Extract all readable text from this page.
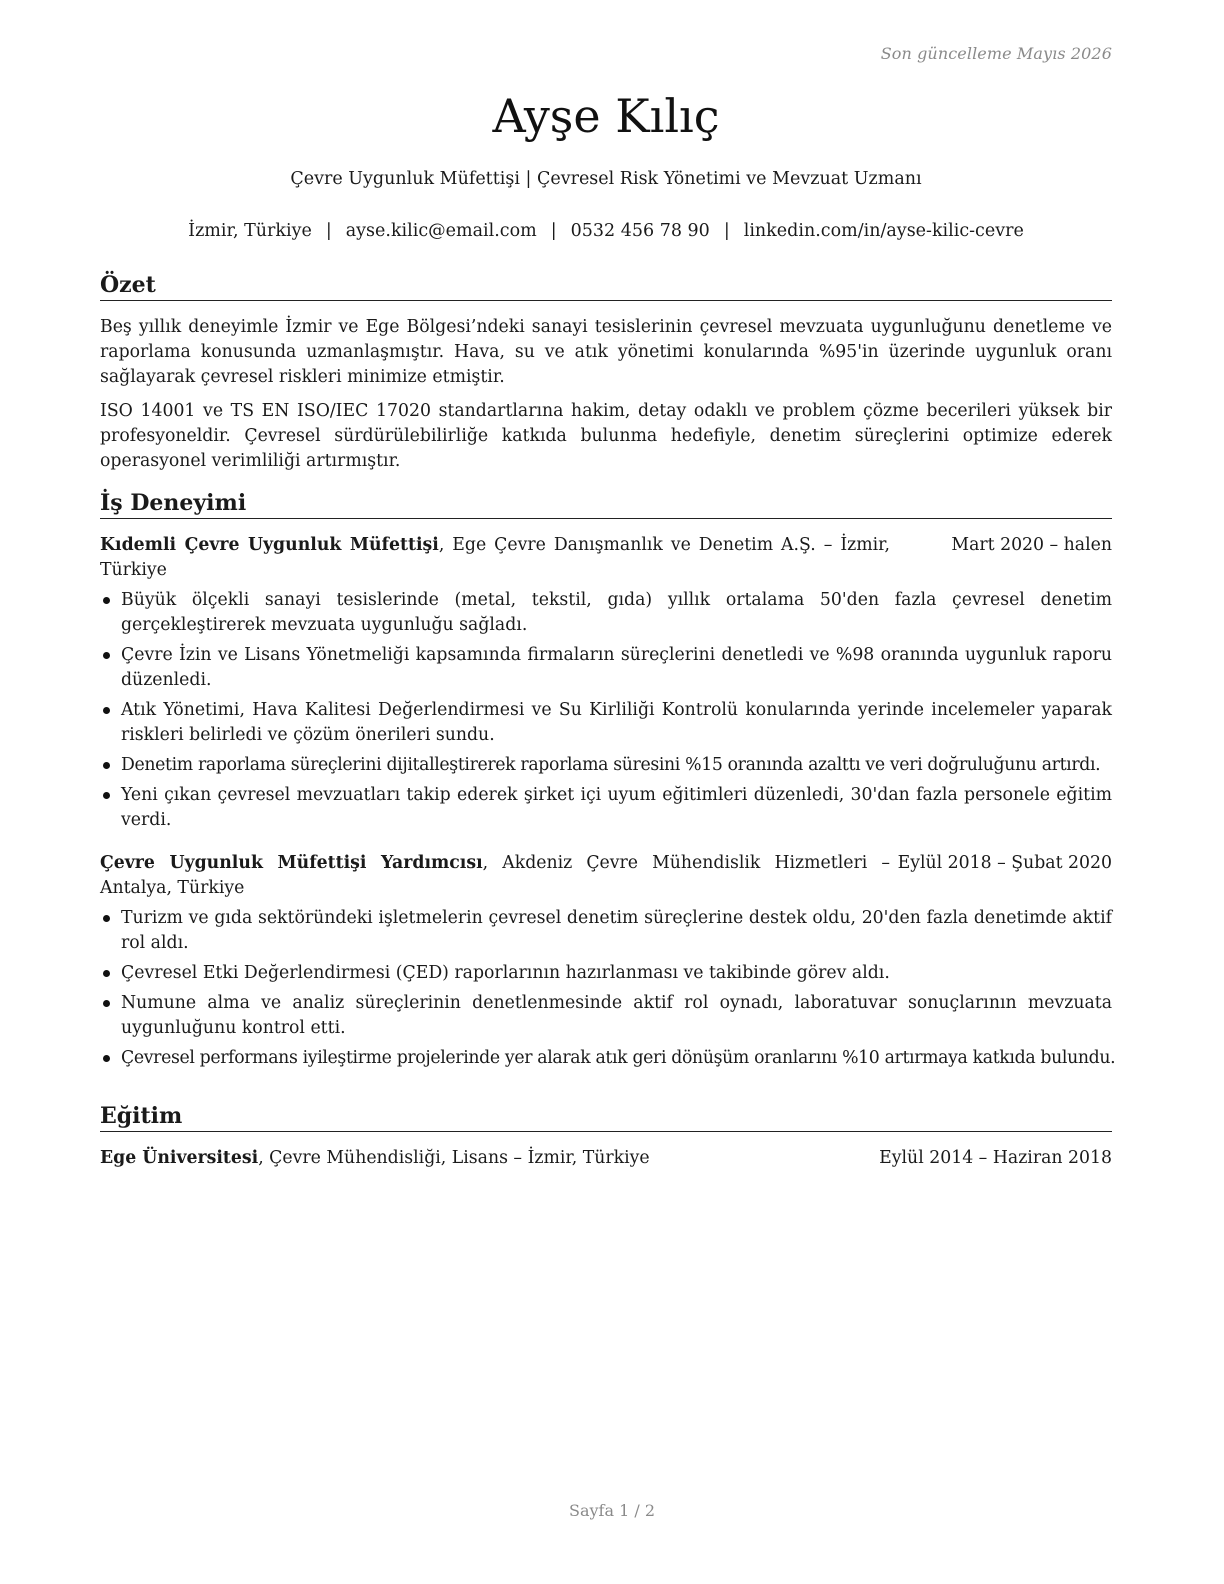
Son güncelleme Mayıs 2026
Ayşe Kılıç
Çevre Uygunluk Müfettişi | Çevresel Risk Yönetimi ve Mevzuat Uzmanı
İzmir, Türkiye | ayse.kilic@email.com | 0532 456 78 90 | linkedin.com/in/ayse-kilic-cevre
Özet

Beş yıllık deneyimle İzmir ve Ege Bölgesi’ndeki sanayi tesislerinin çevresel mevzuata uygunluğunu denetleme ve raporlama konusunda uzmanlaşmıştır. Hava, su ve atık yönetimi konularında %95'in üzerinde uygunluk oranı sağlayarak çevresel riskleri minimize etmiştir.

ISO 14001 ve TS EN ISO/IEC 17020 standartlarına hakim, detay odaklı ve problem çözme becerileri yüksek bir profesyoneldir. Çevresel sürdürülebilirliğe katkıda bulunma hedefiyle, denetim süreçlerini optimize ederek operasyonel verimliliği artırmıştır.

İş Deneyimi
Kıdemli Çevre Uygunluk Müfettişi, Ege Çevre Danışmanlık ve Denetim A.Ş. – İzmir, Türkiye
Mart 2020 – halen
Büyük ölçekli sanayi tesislerinde (metal, tekstil, gıda) yıllık ortalama 50'den fazla çevresel denetim gerçekleştirerek mevzuata uygunluğu sağladı.
Çevre İzin ve Lisans Yönetmeliği kapsamında firmaların süreçlerini denetledi ve %98 oranında uygunluk raporu düzenledi.
Atık Yönetimi, Hava Kalitesi Değerlendirmesi ve Su Kirliliği Kontrolü konularında yerinde incelemeler yaparak riskleri belirledi ve çözüm önerileri sundu.
Denetim raporlama süreçlerini dijitalleştirerek raporlama süresini %15 oranında azalttı ve veri doğruluğunu artırdı.
Yeni çıkan çevresel mevzuatları takip ederek şirket içi uyum eğitimleri düzenledi, 30'dan fazla personele eğitim verdi.
Çevre Uygunluk Müfettişi Yardımcısı, Akdeniz Çevre Mühendislik Hizmetleri – Antalya, Türkiye
Eylül 2018 – Şubat 2020
Turizm ve gıda sektöründeki işletmelerin çevresel denetim süreçlerine destek oldu, 20'den fazla denetimde aktif rol aldı.
Çevresel Etki Değerlendirmesi (ÇED) raporlarının hazırlanması ve takibinde görev aldı.
Numune alma ve analiz süreçlerinin denetlenmesinde aktif rol oynadı, laboratuvar sonuçlarının mevzuata uygunluğunu kontrol etti.
Çevresel performans iyileştirme projelerinde yer alarak atık geri dönüşüm oranlarını %10 artırmaya katkıda bulundu.
Eğitim
Ege Üniversitesi, Çevre Mühendisliği, Lisans – İzmir, Türkiye	Eylül 2014 – Haziran 2018
Sayfa 1 / 2
